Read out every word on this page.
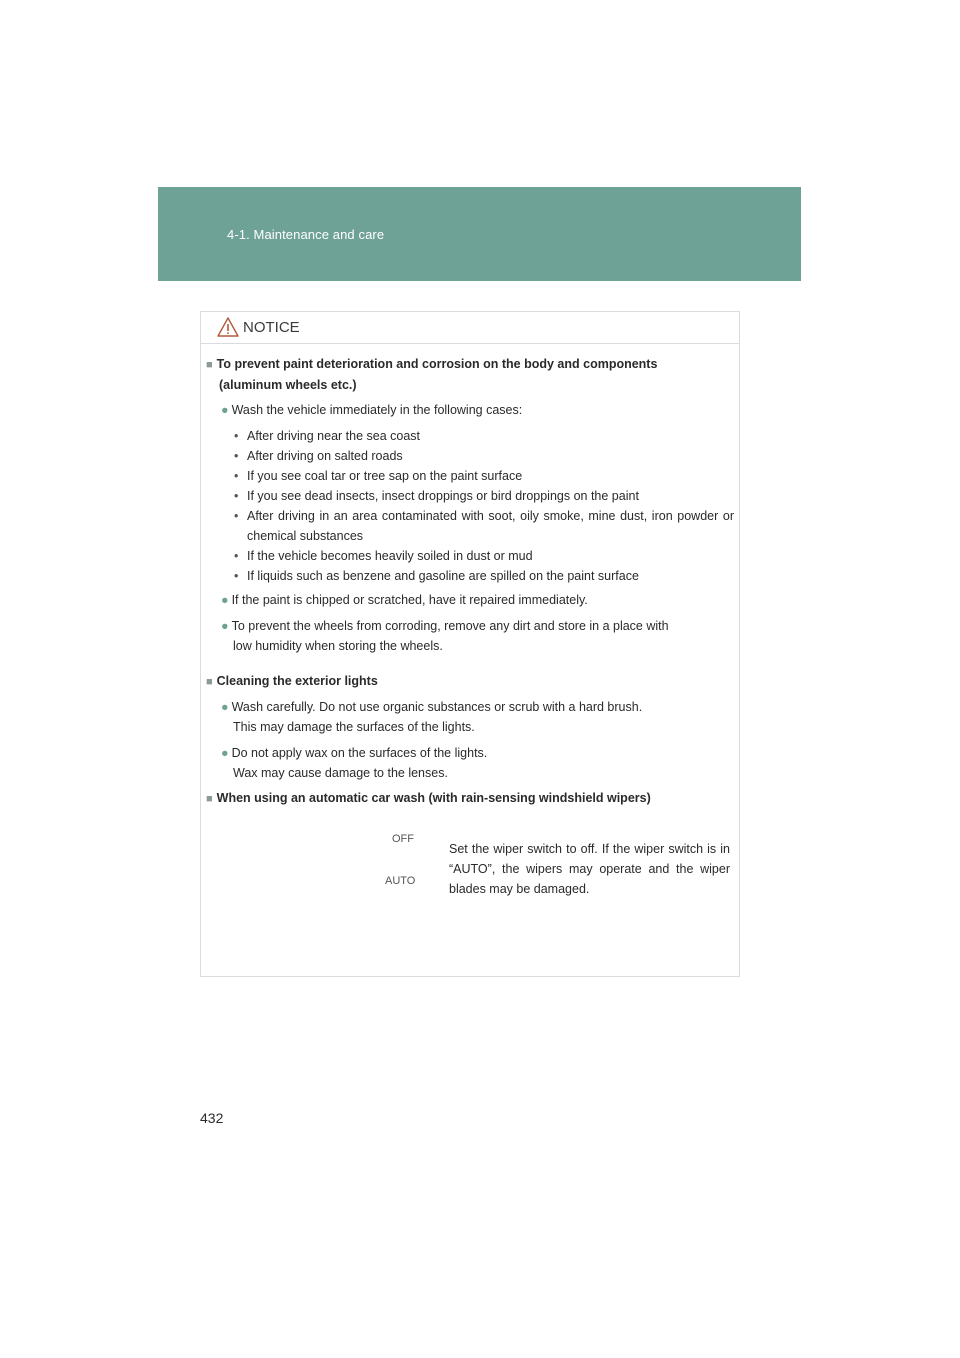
4-1. Maintenance and care
NOTICE
■ To prevent paint deterioration and corrosion on the body and components
(aluminum wheels etc.)
● Wash the vehicle immediately in the following cases:
• After driving near the sea coast
• After driving on salted roads
• If you see coal tar or tree sap on the paint surface
• If you see dead insects, insect droppings or bird droppings on the paint
• After driving in an area contaminated with soot, oily smoke, mine dust, iron powder or chemical substances
• If the vehicle becomes heavily soiled in dust or mud
• If liquids such as benzene and gasoline are spilled on the paint surface
● If the paint is chipped or scratched, have it repaired immediately.
● To prevent the wheels from corroding, remove any dirt and store in a place with
low humidity when storing the wheels.
■ Cleaning the exterior lights
● Wash carefully. Do not use organic substances or scrub with a hard brush.
This may damage the surfaces of the lights.
● Do not apply wax on the surfaces of the lights.
Wax may cause damage to the lenses.
■ When using an automatic car wash (with rain-sensing windshield wipers)
OFF
AUTO
Set the wiper switch to off. If the wiper switch is in “AUTO”, the wipers may operate and the wiper blades may be damaged.
432
